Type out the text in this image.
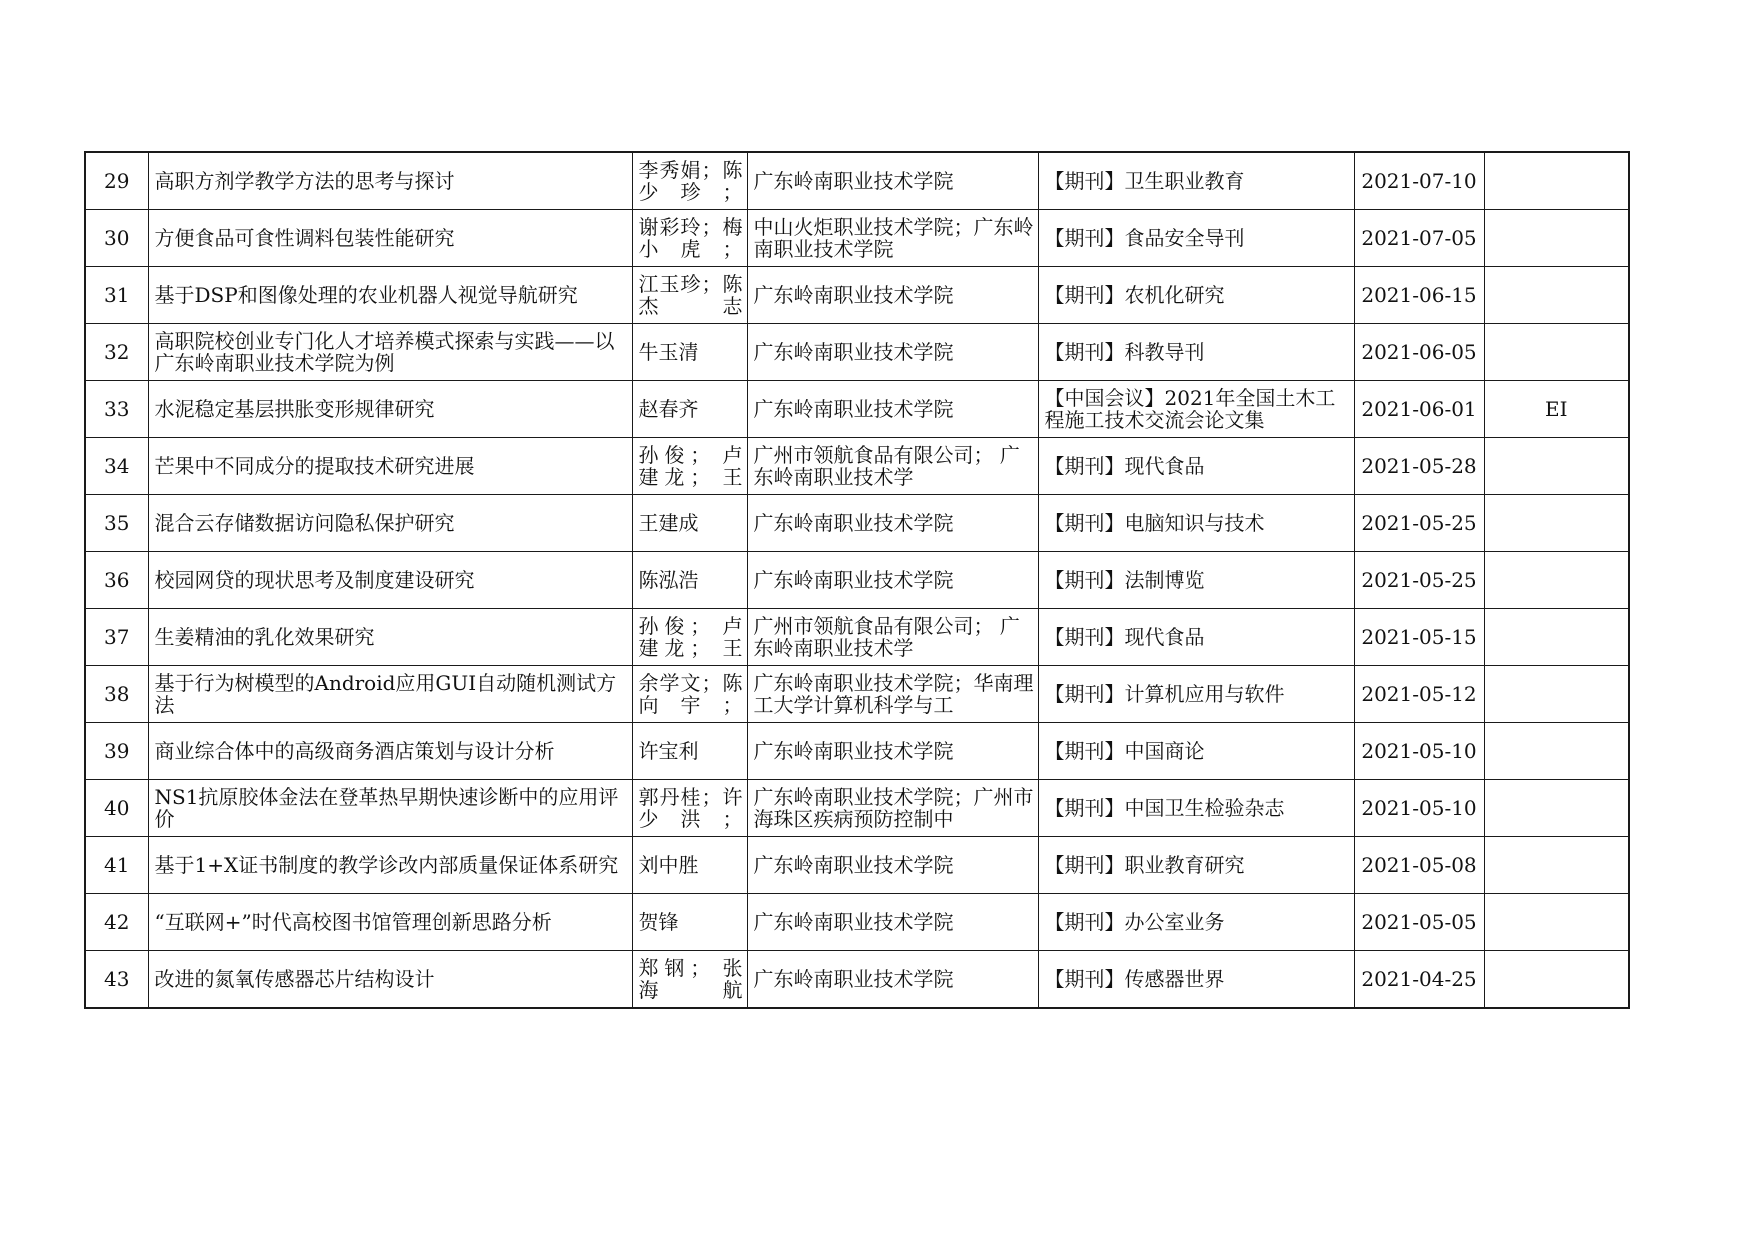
29	高职方剂学教学方法的思考与探讨	李秀娟；陈少珍；	广东岭南职业技术学院	【期刊】卫生职业教育	2021-07-10	
30	方便食品可食性调料包装性能研究	谢彩玲；梅小虎；	中山火炬职业技术学院；广东岭南职业技术学院	【期刊】食品安全导刊	2021-07-05	
31	基于DSP和图像处理的农业机器人视觉导航研究	江玉珍；陈杰志	广东岭南职业技术学院	【期刊】农机化研究	2021-06-15	
32	高职院校创业专门化人才培养模式探索与实践——以广东岭南职业技术学院为例	牛玉清	广东岭南职业技术学院	【期刊】科教导刊	2021-06-05	
33	水泥稳定基层拱胀变形规律研究	赵春齐	广东岭南职业技术学院	【中国会议】2021年全国土木工程施工技术交流会论文集	2021-06-01	EI
34	芒果中不同成分的提取技术研究进展	孙俊； 卢建龙； 王	广州市领航食品有限公司； 广东岭南职业技术学	【期刊】现代食品	2021-05-28	
35	混合云存储数据访问隐私保护研究	王建成	广东岭南职业技术学院	【期刊】电脑知识与技术	2021-05-25	
36	校园网贷的现状思考及制度建设研究	陈泓浩	广东岭南职业技术学院	【期刊】法制博览	2021-05-25	
37	生姜精油的乳化效果研究	孙俊； 卢建龙； 王	广州市领航食品有限公司； 广东岭南职业技术学	【期刊】现代食品	2021-05-15	
38	基于行为树模型的Android应用GUI自动随机测试方法	余学文；陈向宇；	广东岭南职业技术学院；华南理工大学计算机科学与工	【期刊】计算机应用与软件	2021-05-12	
39	商业综合体中的高级商务酒店策划与设计分析	许宝利	广东岭南职业技术学院	【期刊】中国商论	2021-05-10	
40	NS1抗原胶体金法在登革热早期快速诊断中的应用评价	郭丹桂；许少洪；	广东岭南职业技术学院；广州市海珠区疾病预防控制中	【期刊】中国卫生检验杂志	2021-05-10	
41	基于1+X证书制度的教学诊改内部质量保证体系研究	刘中胜	广东岭南职业技术学院	【期刊】职业教育研究	2021-05-08	
42	“互联网+”时代高校图书馆管理创新思路分析	贺锋	广东岭南职业技术学院	【期刊】办公室业务	2021-05-05	
43	改进的氮氧传感器芯片结构设计	郑钢； 张海航	广东岭南职业技术学院	【期刊】传感器世界	2021-04-25	
